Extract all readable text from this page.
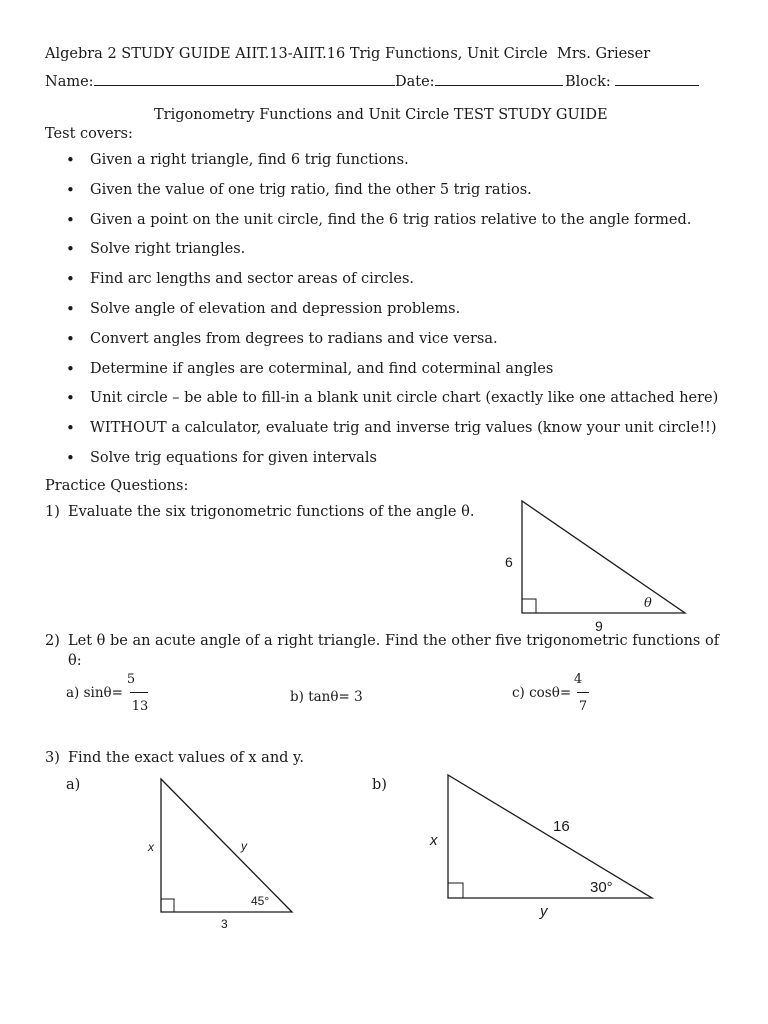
Algebra 2 STUDY GUIDE AIIT.13-AIIT.16 Trig Functions, Unit Circle Mrs. Grieser
Name:	Date:	Block:
Trigonometry Functions and Unit Circle TEST STUDY GUIDE
Test covers:
• Given a right triangle, find 6 trig functions.
• Given the value of one trig ratio, find the other 5 trig ratios.
• Given a point on the unit circle, find the 6 trig ratios relative to the angle formed.
• Solve right triangles.
• Find arc lengths and sector areas of circles.
• Solve angle of elevation and depression problems.
• Convert angles from degrees to radians and vice versa.
• Determine if angles are coterminal, and find coterminal angles
• Unit circle – be able to fill-in a blank unit circle chart (exactly like one attached here)
• WITHOUT a calculator, evaluate trig and inverse trig values (know your unit circle!!)
• Solve trig equations for given intervals
Practice Questions:
1) Evaluate the six trigonometric functions of the angle θ.
6
9
θ
2) Let θ be an acute angle of a right triangle. Find the other five trigonometric functions of
θ:
a) sinθ=
5
13
b) tanθ= 3	c) cosθ=
4
7
3) Find the exact values of x and y.
a)	b)
x	y
3
45°
x
16
y
30°
